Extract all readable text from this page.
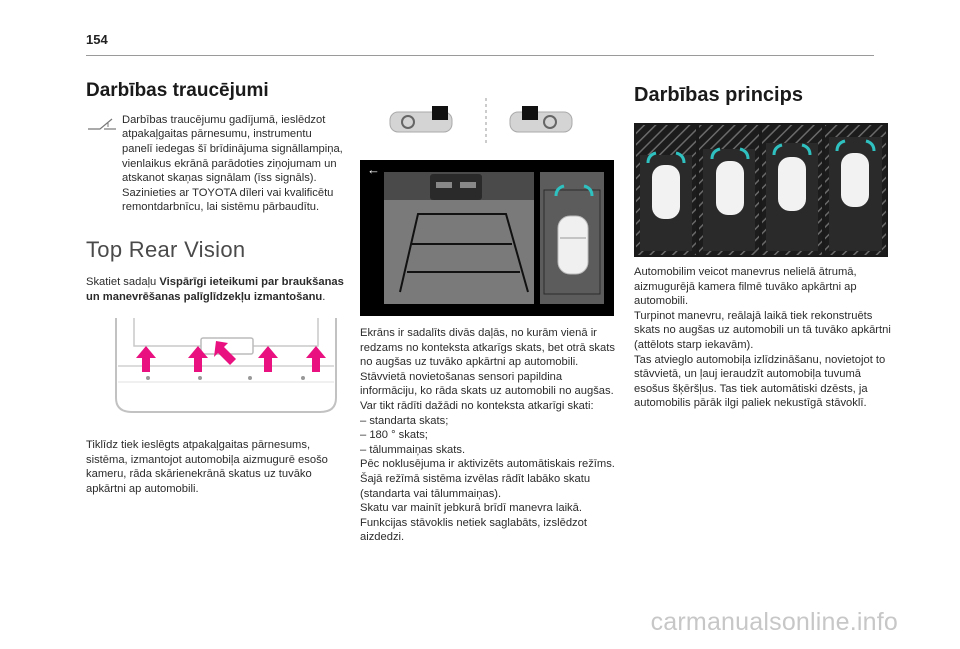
154
Darbības traucējumi

Darbības traucējumu gadījumā, ieslēdzot atpakaļgaitas pārnesumu, instrumentu panelī iedegas šī brīdinājuma signāllampiņa, vienlaikus ekrānā parādoties ziņojumam un atskanot skaņas signālam (īss signāls). Sazinieties ar TOYOTA dīleri vai kvalificētu remontdarbnīcu, lai sistēmu pārbaudītu.

Top Rear Vision

Skatiet sadaļu Vispārīgi ieteikumi par braukšanas un manevrēšanas palīglīdzekļu izmantošanu.

Tiklīdz tiek ieslēgts atpakaļgaitas pārnesums, sistēma, izmantojot automobiļa aizmugurē esošo kameru, rāda skārienekrānā skatus uz tuvāko apkārtni ap automobili.

←

Ekrāns ir sadalīts divās daļās, no kurām vienā ir redzams no konteksta atkarīgs skats, bet otrā skats no augšas uz tuvāko apkārtni ap automobili.

Stāvvietā novietošanas sensori papildina informāciju, ko rāda skats uz automobili no augšas.

Var tikt rādīti dažādi no konteksta atkarīgi skati:

– standarta skats;

– 180 ° skats;

– tālummaiņas skats.

Pēc noklusējuma ir aktivizēts automātiskais režīms.

Šajā režīmā sistēma izvēlas rādīt labāko skatu (standarta vai tālummaiņas).

Skatu var mainīt jebkurā brīdī manevra laikā.

Funkcijas stāvoklis netiek saglabāts, izslēdzot aizdedzi.

Darbības princips

Automobilim veicot manevrus nelielā ātrumā, aizmugurējā kamera filmē tuvāko apkārtni ap automobili.

Turpinot manevru, reālajā laikā tiek rekonstruēts skats no augšas uz automobili un tā tuvāko apkārtni (attēlots starp iekavām).

Tas atvieglo automobiļa izlīdzināšanu, novietojot to stāvvietā, un ļauj ieraudzīt automobiļa tuvumā esošus šķēršļus. Tas tiek automātiski dzēsts, ja automobilis pārāk ilgi paliek nekustīgā stāvoklī.

carmanualsonline.info
